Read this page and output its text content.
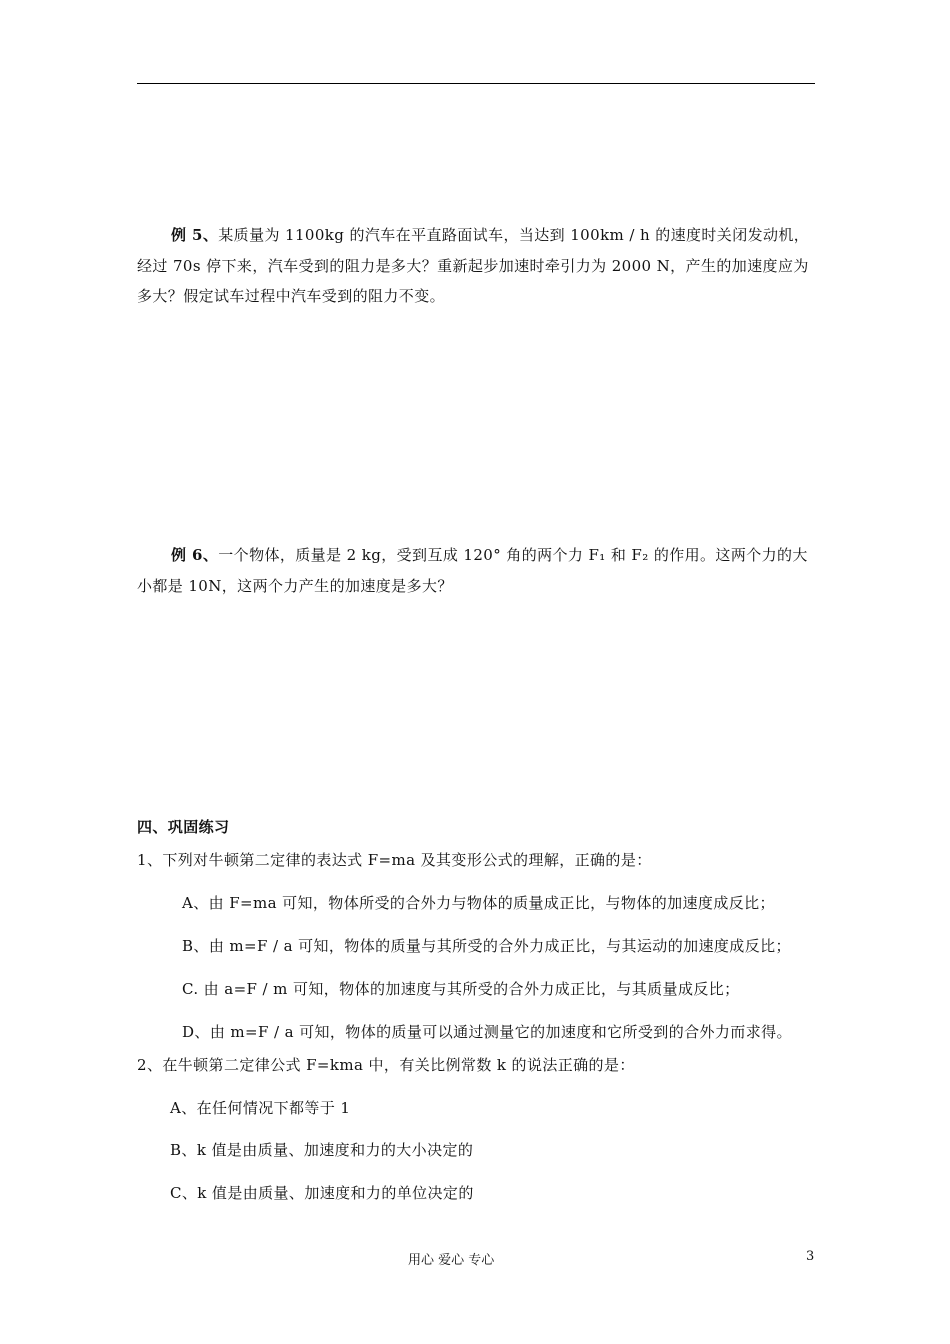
例 5、某质量为 1100kg 的汽车在平直路面试车，当达到 100km / h 的速度时关闭发动机，经过 70s 停下来，汽车受到的阻力是多大？重新起步加速时牵引力为 2000 N，产生的加速度应为多大？假定试车过程中汽车受到的阻力不变。
例 6、一个物体，质量是 2 kg，受到互成 120° 角的两个力 F₁ 和 F₂ 的作用。这两个力的大小都是 10N，这两个力产生的加速度是多大？
四、巩固练习
1、下列对牛顿第二定律的表达式 F=ma 及其变形公式的理解，正确的是：
A、由 F=ma 可知，物体所受的合外力与物体的质量成正比，与物体的加速度成反比；
B、由 m=F / a 可知，物体的质量与其所受的合外力成正比，与其运动的加速度成反比；
C. 由 a=F / m 可知，物体的加速度与其所受的合外力成正比，与其质量成反比；
D、由 m=F / a 可知，物体的质量可以通过测量它的加速度和它所受到的合外力而求得。
2、在牛顿第二定律公式 F=kma 中，有关比例常数 k 的说法正确的是：
A、在任何情况下都等于 1
B、k 值是由质量、加速度和力的大小决定的
C、k 值是由质量、加速度和力的单位决定的
用心 爱心 专心	3
